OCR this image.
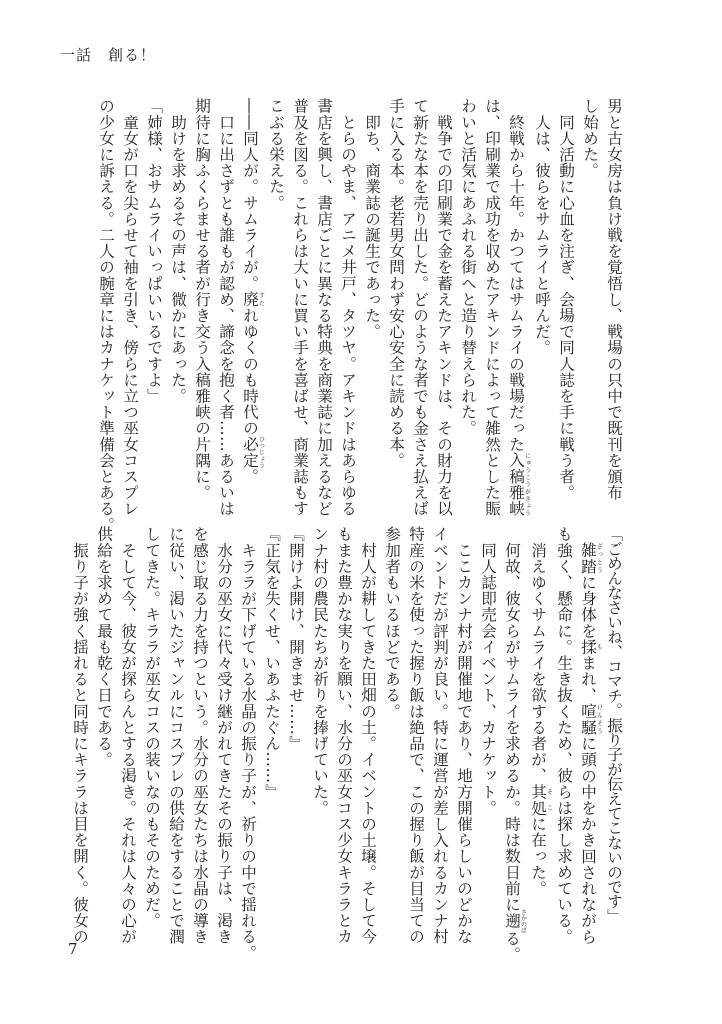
一話　創る！
男と古女房は負け戦を覚悟し、戦場の只中で既刊を頒布
し始めた。
　同人活動に心血を注ぎ、会場で同人誌を手に戦う者。
　人は、彼らをサムライと呼んだ。
　終戦から十年。かつてはサムライの戦場だった入稿雅峡にゅうこうがきょう
は、印刷業で成功を収めたアキンドによって雑然とした賑
わいと活気にあふれる街へと造り替えられた。
　戦争での印刷業で金を蓄えたアキンドは、その財力を以
て新たな本を売り出した。どのような者でも金さえ払えば
手に入る本。老若男女問わず安心安全に読める本。
　即ち、商業誌の誕生であった。
　とらのやま、アニメ井戸、タツヤ。アキンドはあらゆる
書店を興し、書店ごとに異なる特典を商業誌に加えるなど
普及を図る。これらは大いに買い手を喜ばせ、商業誌もす
こぶる栄えた。
――同人が。サムライが。廃すたれゆくのも時代の必定ひつじょう。
　口に出さずとも誰もが認め、諦念を抱く者……あるいは
期待に胸ふくらませる者が行き交う入稿雅峡の片隅に。
　助けを求めるその声は、微かにあった。
「姉様、おサムライいっぱいいるですよ」
　童女が口を尖らせて袖を引き、傍らに立つ巫女コスプレ
の少女に訴える。二人の腕章にはカナケット準備会とある。
「ごめんなさいね、コマチ。振り子が伝えてこないのです」
　雑踏ざっとうに身体を揉もまれ、喧騒けんそうに頭の中をかき回されながら
も強く、懸命に。生き抜くため、彼らは探し求めている。
　消えゆくサムライを欲する者が、其処そこに在った。
　何故、彼女らがサムライを求めるか。時は数日前に遡さかのぼる。
　同人誌即売会イベント、カナケット。
　ここカンナ村が開催地であり、地方開催らしいのどかな
イベントだが評判が良い。特に運営が差し入れるカンナ村
特産の米を使った握り飯は絶品で、この握り飯が目当ての
参加者もいるほどである。
　村人が耕してきた田畑の土。イベントの土壌。そして今
もまた豊かな実りを願い、水分の巫女コス少女キララとカ
ンナ村の農民たちが祈りを捧げていた。
『開けよ開け、開きませ……』
『正気を失くせ、いあふたぐん……』
　キララが下げている水晶の振り子が、祈りの中で揺れる。
　水分の巫女に代々受け継がれてきたその振り子は、渇き
を感じ取る力を持つという。水分の巫女たちは水晶の導き
に従い、渇いたジャンルにコスプレの供給をすることで潤
してきた。キララが巫女コスの装いなのもそのためだ。
　そして今、彼女が探らんとする渇き。それは人々の心が
供給を求めて最も乾く日である。
　振り子が強く揺れると同時にキララは目を開く。彼女の
7
